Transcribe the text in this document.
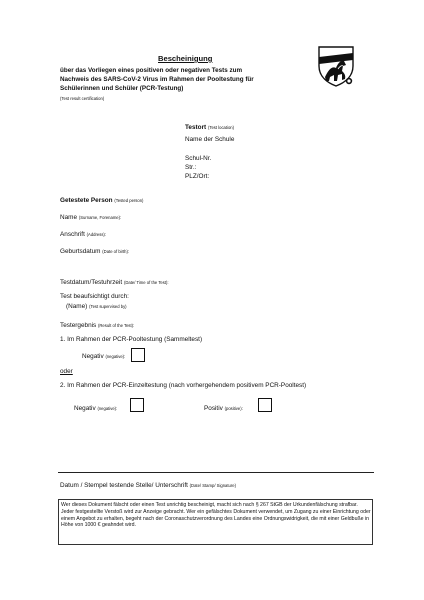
Bescheinigung
über das Vorliegen eines positiven oder negativen Tests zum
Nachweis des SARS-CoV-2 Virus im Rahmen der Pooltestung für
Schülerinnen und Schüler (PCR-Testung)
(Test result certification)
Testort (Test location)
Name der Schule
Schul-Nr.
Str.:
PLZ/Ort:
Getestete Person (Tested person)
Name (Surname, Forename):
Anschrift (Address):
Geburtsdatum (Date of birth):
Testdatum/Testuhrzeit (Date/ Time of the Test):
Test beaufsichtigt durch:
(Name) (Test supervised by)
Testergebnis (Result of the Test):
1. Im Rahmen der PCR-Pooltestung (Sammeltest)
Negativ (negative):
oder
2. Im Rahmen der PCR-Einzeltestung (nach vorhergehendem positivem PCR-Pooltest)
Negativ (negative):	Positiv (positive):
Datum / Stempel testende Stelle/ Unterschrift (Date/ Stamp/ Signature)
Wer dieses Dokument fälscht oder einen Test unrichtig bescheinigt, macht sich nach § 267 StGB der Urkundenfälschung strafbar. Jeder festgestellte Verstoß wird zur Anzeige gebracht. Wer ein gefälschtes Dokument verwendet, um Zugang zu einer Einrichtung oder einem Angebot zu erhalten, begeht nach der Coronaschutzverordnung des Landes eine Ordnungswidrigkeit, die mit einer Geldbuße in Höhe von 1000 € geahndet wird.
